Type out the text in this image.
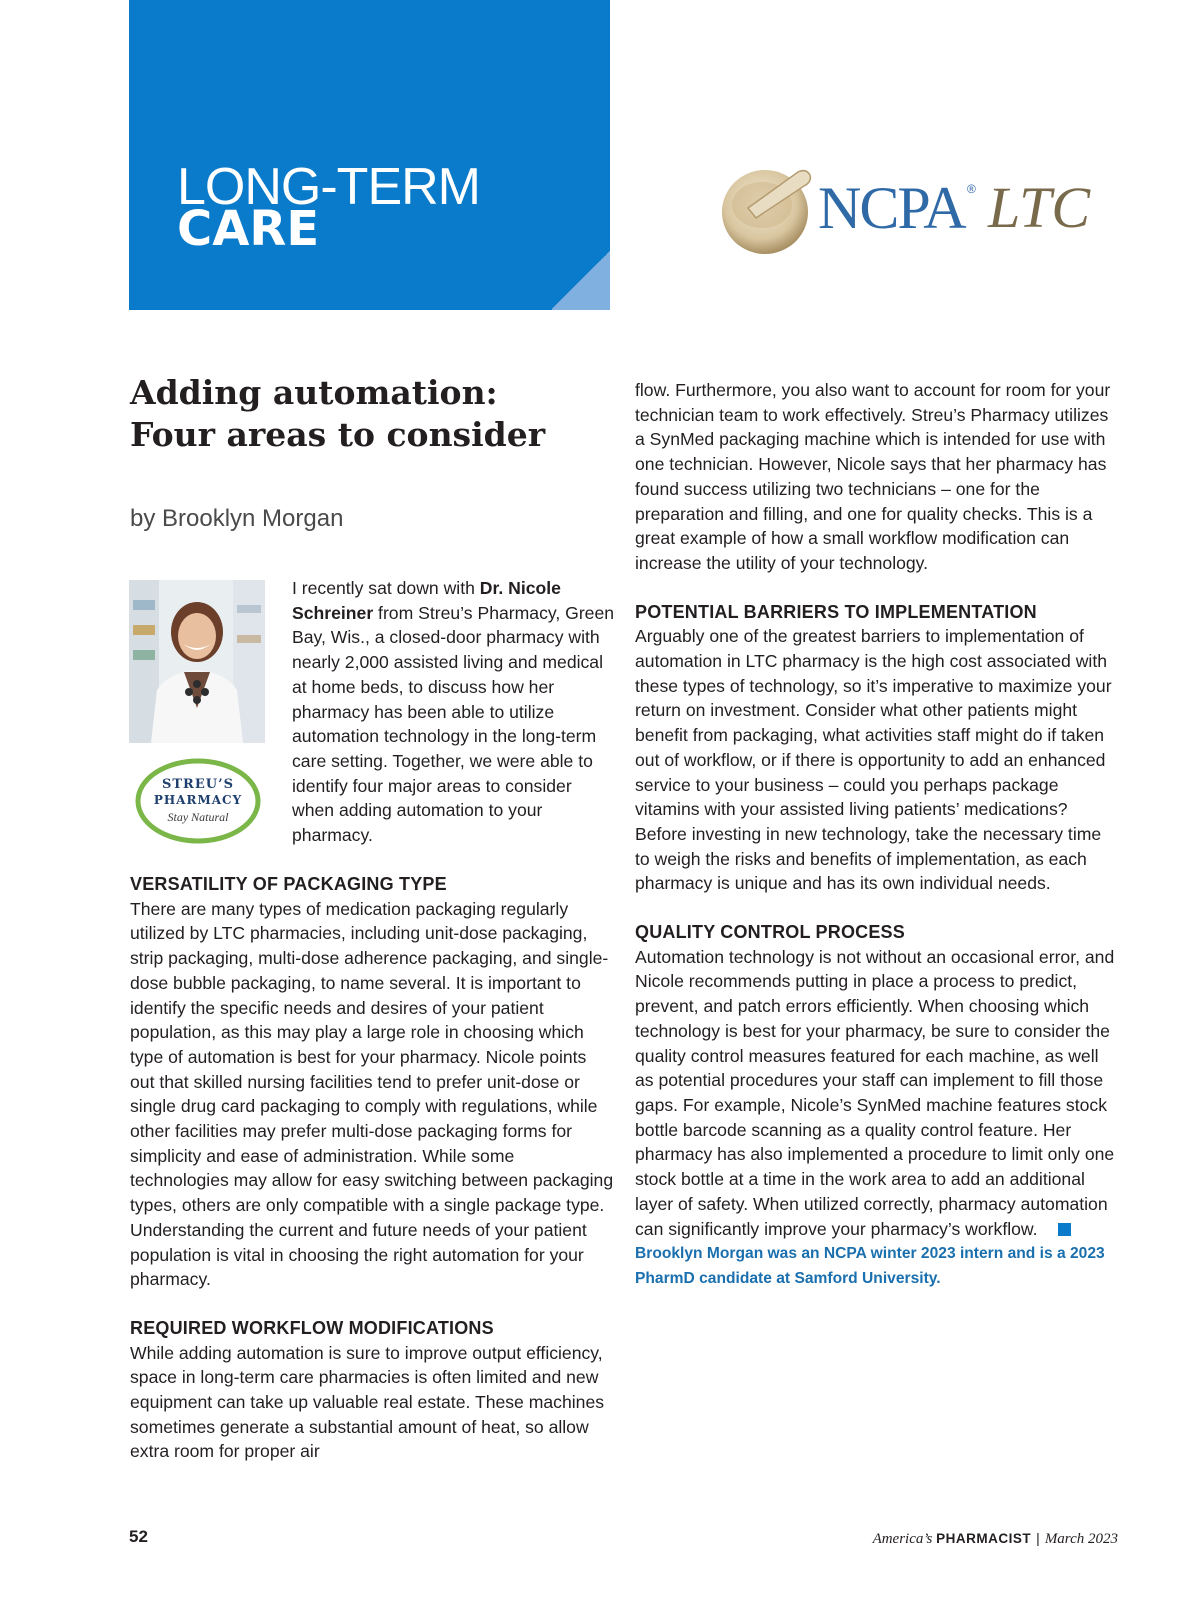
LONG-TERM
CARE	NCPA ® LTC
Adding automation:
Four areas to consider
by Brooklyn Morgan
STREU’S
PHARMACY
Stay Natural

I recently sat down with Dr. Nicole Schreiner from Streu’s Pharmacy, Green Bay, Wis., a closed-door pharmacy with nearly 2,000 assisted living and medical at home beds, to discuss how her pharmacy has been able to utilize automation technology in the long-term care setting. Together, we were able to identify four major areas to consider when adding automation to your pharmacy.

VERSATILITY OF PACKAGING TYPE

There are many types of medication packaging regularly utilized by LTC pharmacies, including unit-dose packaging, strip packaging, multi-dose adherence packaging, and single-dose bubble packaging, to name several. It is important to identify the specific needs and desires of your patient population, as this may play a large role in choosing which type of automation is best for your pharmacy. Nicole points out that skilled nursing facilities tend to prefer unit-dose or single drug card packaging to comply with regulations, while other facilities may prefer multi-dose packaging forms for simplicity and ease of administration. While some technologies may allow for easy switching between packaging types, others are only compatible with a single package type. Understanding the current and future needs of your patient population is vital in choosing the right automation for your pharmacy.

REQUIRED WORKFLOW MODIFICATIONS

While adding automation is sure to improve output efficiency, space in long-term care pharmacies is often limited and new equipment can take up valuable real estate. These machines sometimes generate a substantial amount of heat, so allow extra room for proper air

flow. Furthermore, you also want to account for room for your technician team to work effectively. Streu’s Pharmacy utilizes a SynMed packaging machine which is intended for use with one technician. However, Nicole says that her pharmacy has found success utilizing two technicians – one for the preparation and filling, and one for quality checks. This is a great example of how a small workflow modification can increase the utility of your technology.

POTENTIAL BARRIERS TO IMPLEMENTATION

Arguably one of the greatest barriers to implementation of automation in LTC pharmacy is the high cost associated with these types of technology, so it’s imperative to maximize your return on investment. Consider what other patients might benefit from packaging, what activities staff might do if taken out of workflow, or if there is opportunity to add an enhanced service to your business – could you perhaps package vitamins with your assisted living patients’ medications? Before investing in new technology, take the necessary time to weigh the risks and benefits of implementation, as each pharmacy is unique and has its own individual needs.

QUALITY CONTROL PROCESS

Automation technology is not without an occasional error, and Nicole recommends putting in place a process to predict, prevent, and patch errors efficiently. When choosing which technology is best for your pharmacy, be sure to consider the quality control measures featured for each machine, as well as potential procedures your staff can implement to fill those gaps. For example, Nicole’s SynMed machine features stock bottle barcode scanning as a quality control feature. Her pharmacy has also implemented a procedure to limit only one stock bottle at a time in the work area to add an additional layer of safety. When utilized correctly, pharmacy automation can significantly improve your pharmacy’s workflow.

Brooklyn Morgan was an NCPA winter 2023 intern and is a 2023 PharmD candidate at Samford University.

52	America’s PHARMACIST | March 2023
